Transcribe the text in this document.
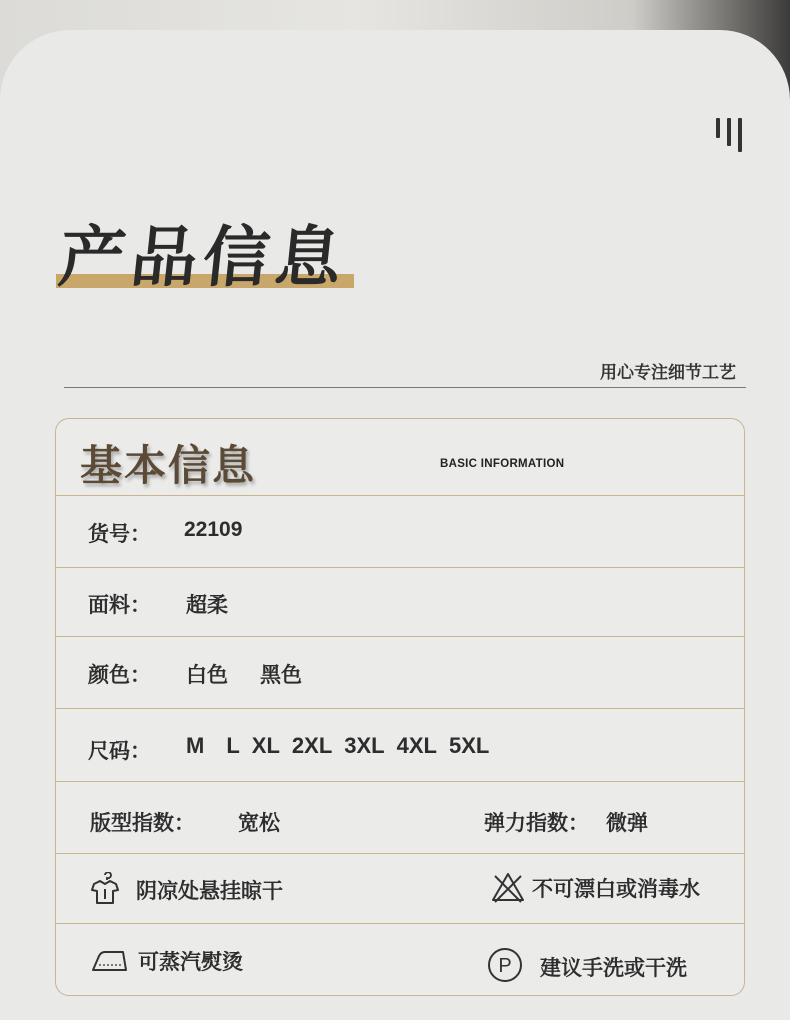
产品信息
用心专注细节工艺
基本信息	BASIC INFORMATION
货号： 22109
面料： 超柔
颜色： 白色 黑色
尺码： M L XL 2XL 3XL 4XL 5XL
版型指数： 宽松	弹力指数： 微弹
阴凉处悬挂晾干	不可漂白或消毒水
可蒸汽熨烫	P 建议手洗或干洗
